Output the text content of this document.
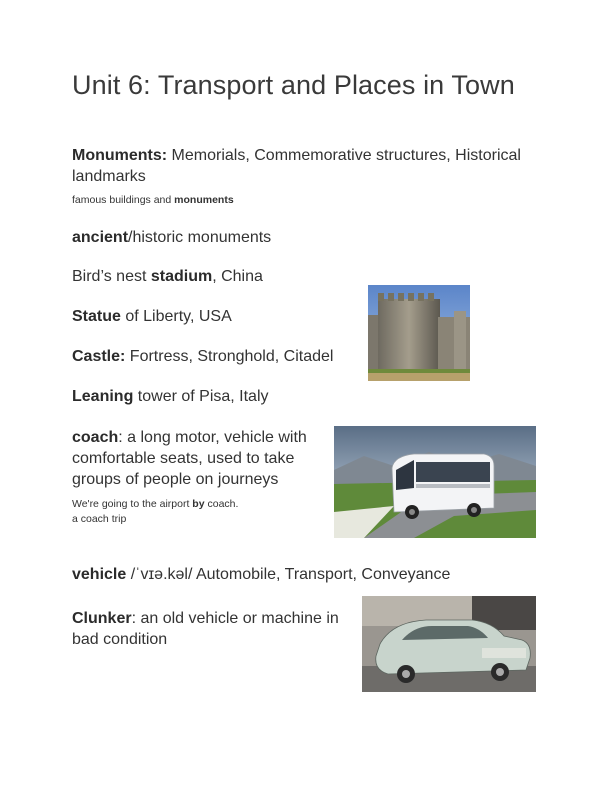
Unit 6: Transport and Places in Town
Monuments: Memorials, Commemorative structures, Historical landmarks
famous buildings and monuments
ancient/historic monuments
Bird’s nest stadium, China
Statue of Liberty, USA
Castle: Fortress, Stronghold, Citadel
Leaning tower of Pisa, Italy
coach: a long motor, vehicle with comfortable seats, used to take groups of people on journeys
We're going to the airport by coach.
a coach trip
vehicle /ˈvɪə.kəl/ Automobile, Transport, Conveyance
Clunker: an old vehicle or machine in bad condition
